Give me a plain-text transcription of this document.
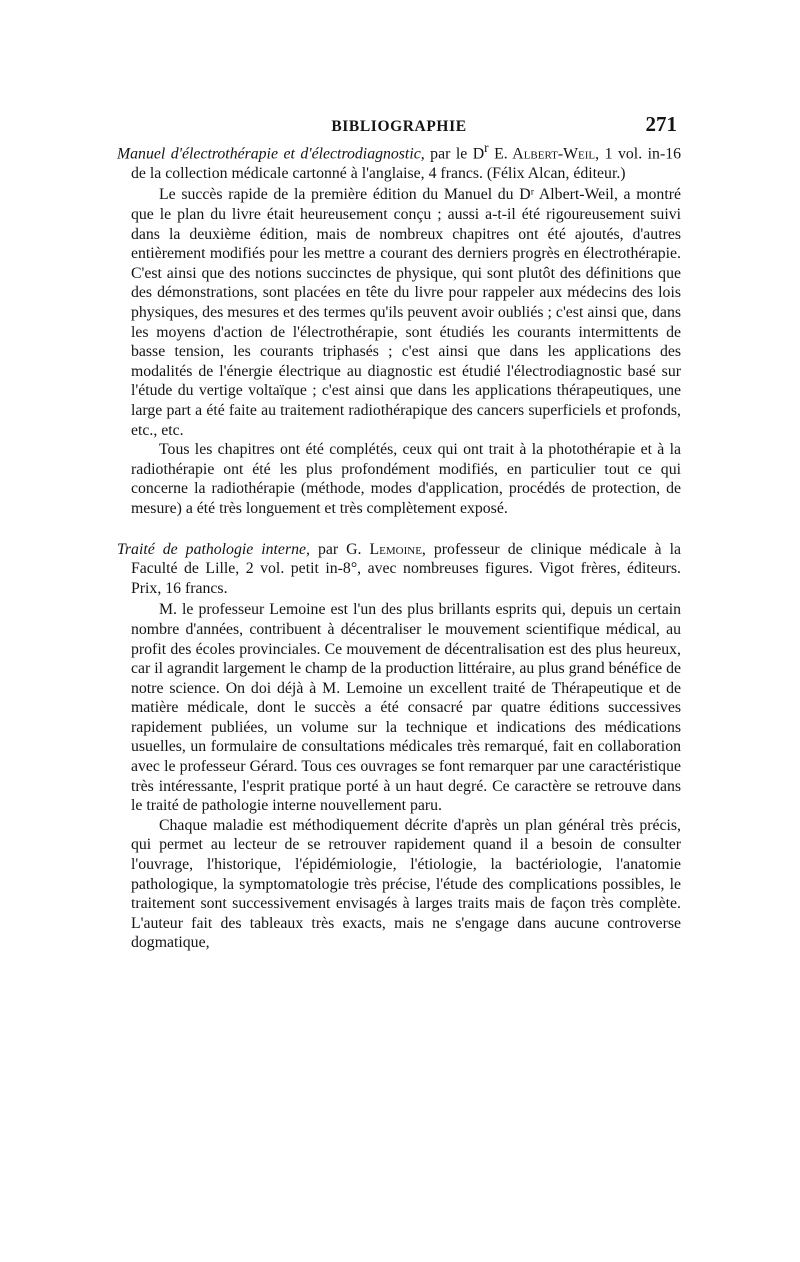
BIBLIOGRAPHIE	271

Manuel d'électrothérapie et d'électrodiagnostic, par le $D^r$ E. Albert-Weil, 1 vol. in-16 de la collection médicale cartonné à l'anglaise, 4 francs. (Félix Alcan, éditeur.)

Le succès rapide de la première édition du Manuel du Dʳ Albert-Weil, a montré que le plan du livre était heureusement conçu ; aussi a-t-il été rigoureusement suivi dans la deuxième édition, mais de nombreux chapitres ont été ajoutés, d'autres entièrement modifiés pour les mettre a courant des derniers progrès en électrothérapie. C'est ainsi que des notions succinctes de physique, qui sont plutôt des définitions que des démonstrations, sont placées en tête du livre pour rappeler aux médecins des lois physiques, des mesures et des termes qu'ils peuvent avoir oubliés ; c'est ainsi que, dans les moyens d'action de l'électrothérapie, sont étudiés les courants intermittents de basse tension, les courants triphasés ; c'est ainsi que dans les applications des modalités de l'énergie électrique au diagnostic est étudié l'électrodiagnostic basé sur l'étude du vertige voltaïque ; c'est ainsi que dans les applications thérapeutiques, une large part a été faite au traitement radiothérapique des cancers superficiels et profonds, etc., etc.

Tous les chapitres ont été complétés, ceux qui ont trait à la photothérapie et à la radiothérapie ont été les plus profondément modifiés, en particulier tout ce qui concerne la radiothérapie (méthode, modes d'application, procédés de protection, de mesure) a été très longuement et très complètement exposé.

Traité de pathologie interne, par G. Lemoine, professeur de clinique médicale à la Faculté de Lille, 2 vol. petit in-8°, avec nombreuses figures. Vigot frères, éditeurs. Prix, 16 francs.

M. le professeur Lemoine est l'un des plus brillants esprits qui, depuis un certain nombre d'années, contribuent à décentraliser le mouvement scientifique médical, au profit des écoles provinciales. Ce mouvement de décentralisation est des plus heureux, car il agrandit largement le champ de la production littéraire, au plus grand bénéfice de notre science. On doi déjà à M. Lemoine un excellent traité de Thérapeutique et de matière médicale, dont le succès a été consacré par quatre éditions successives rapidement publiées, un volume sur la technique et indications des médications usuelles, un formulaire de consultations médicales très remarqué, fait en collaboration avec le professeur Gérard. Tous ces ouvrages se font remarquer par une caractéristique très intéressante, l'esprit pratique porté à un haut degré. Ce caractère se retrouve dans le traité de pathologie interne nouvellement paru.

Chaque maladie est méthodiquement décrite d'après un plan général très précis, qui permet au lecteur de se retrouver rapidement quand il a besoin de consulter l'ouvrage, l'historique, l'épidémiologie, l'étiologie, la bactériologie, l'anatomie pathologique, la symptomatologie très précise, l'étude des complications possibles, le traitement sont successivement envisagés à larges traits mais de façon très complète. L'auteur fait des tableaux très exacts, mais ne s'engage dans aucune controverse dogmatique,
